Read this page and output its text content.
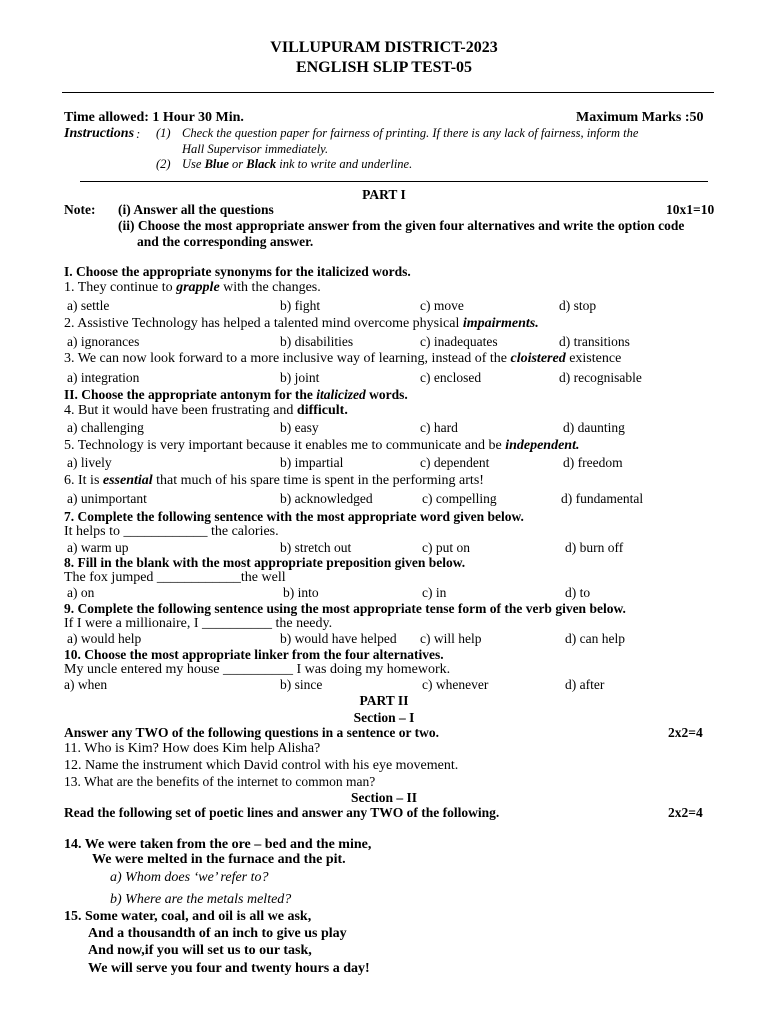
VILLUPURAM DISTRICT-2023
ENGLISH SLIP TEST-05
Time allowed: 1 Hour 30 Min.	Maximum Marks :50
Instructions : (1) Check the question paper for fairness of printing. If there is any lack of fairness, inform the
Hall Supervisor immediately.
(2) Use Blue or Black ink to write and underline.
PART I
Note: (i) Answer all the questions	10x1=10
(ii) Choose the most appropriate answer from the given four alternatives and write the option code
and the corresponding answer.
I. Choose the appropriate synonyms for the italicized words.
1. They continue to grapple with the changes.
a) settle	b) fight	c) move	d) stop
2. Assistive Technology has helped a talented mind overcome physical impairments.
a) ignorances	b) disabilities	c) inadequates	d) transitions
3. We can now look forward to a more inclusive way of learning, instead of the cloistered existence
a) integration	b) joint	c) enclosed	d) recognisable
II. Choose the appropriate antonym for the italicized words.
4. But it would have been frustrating and difficult.
a) challenging	b) easy	c) hard	d) daunting
5. Technology is very important because it enables me to communicate and be independent.
a) lively	b) impartial	c) dependent	d) freedom
6. It is essential that much of his spare time is spent in the performing arts!
a) unimportant	b) acknowledged	c) compelling	d) fundamental
7. Complete the following sentence with the most appropriate word given below.
It helps to ____________ the calories.
a) warm up	b) stretch out	c) put on	d) burn off
8. Fill in the blank with the most appropriate preposition given below.
The fox jumped ____________the well
a) on	b) into	c) in	d) to
9. Complete the following sentence using the most appropriate tense form of the verb given below.
If I were a millionaire, I __________ the needy.
a) would help	b) would have helped c) will help	d) can help
10. Choose the most appropriate linker from the four alternatives.
My uncle entered my house __________ I was doing my homework.
a) when	b) since	c) whenever	d) after
PART II
Section – I
Answer any TWO of the following questions in a sentence or two.	2x2=4
11. Who is Kim? How does Kim help Alisha?
12. Name the instrument which David control with his eye movement.
13. What are the benefits of the internet to common man?
Section – II
Read the following set of poetic lines and answer any TWO of the following.	2x2=4
14. We were taken from the ore – bed and the mine,
We were melted in the furnace and the pit.
a) Whom does ‘we’ refer to?
b) Where are the metals melted?
15. Some water, coal, and oil is all we ask,
And a thousandth of an inch to give us play
And now,if you will set us to our task,
We will serve you four and twenty hours a day!
